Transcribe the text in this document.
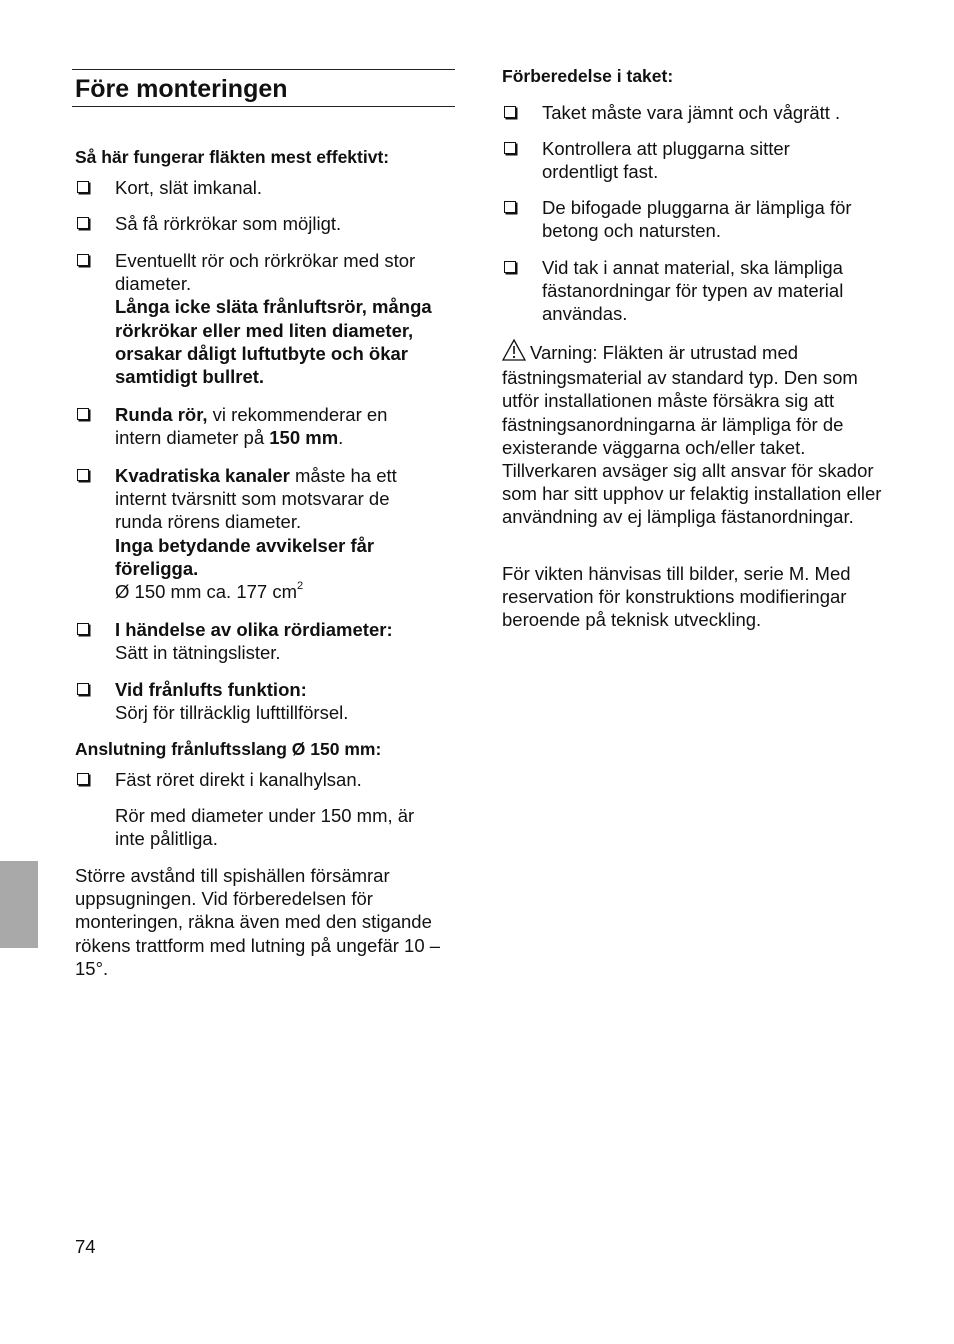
Före monteringen
Så här fungerar fläkten mest effektivt:
Kort, slät imkanal.
Så få rörkrökar som möjligt.
Eventuellt rör och rörkrökar med stor
diameter.
Långa icke släta frånluftsrör, många rörkrökar eller med liten diameter, orsakar dåligt luftutbyte och ökar samtidigt bullret.
Runda rör, vi rekommenderar en intern diameter på 150 mm.
Kvadratiska kanaler måste ha ett internt tvärsnitt som motsvarar de runda rörens diameter.
Inga betydande avvikelser får föreligga.
Ø 150 mm ca. 177 $cm^2$
I händelse av olika rördiameter:
Sätt in tätningslister.
Vid frånlufts funktion:
Sörj för tillräcklig lufttillförsel.
Anslutning frånluftsslang Ø 150 mm:
Fäst röret direkt i kanalhylsan.
Rör med diameter under 150 mm, är inte pålitliga.
Större avstånd till spishällen försämrar uppsugningen. Vid förberedelsen för monteringen, räkna även med den stigande rökens trattform med lutning på ungefär 10 – 15°.
Förberedelse i taket:
Taket måste vara jämnt och vågrätt .
Kontrollera att pluggarna sitter ordentligt fast.
De bifogade pluggarna är lämpliga för betong och natursten.
Vid tak i annat material, ska lämpliga fästanordningar för typen av material användas.
Varning: Fläkten är utrustad med fästningsmaterial av standard typ. Den som utför installationen måste försäkra sig att fästningsanordningarna är lämpliga för de existerande väggarna och/eller taket. Tillverkaren avsäger sig allt ansvar för skador som har sitt upphov ur felaktig installation eller användning av ej lämpliga fästanordningar.
För vikten hänvisas till bilder, serie M. Med reservation för konstruktions modifieringar beroende på teknisk utveckling.
74
